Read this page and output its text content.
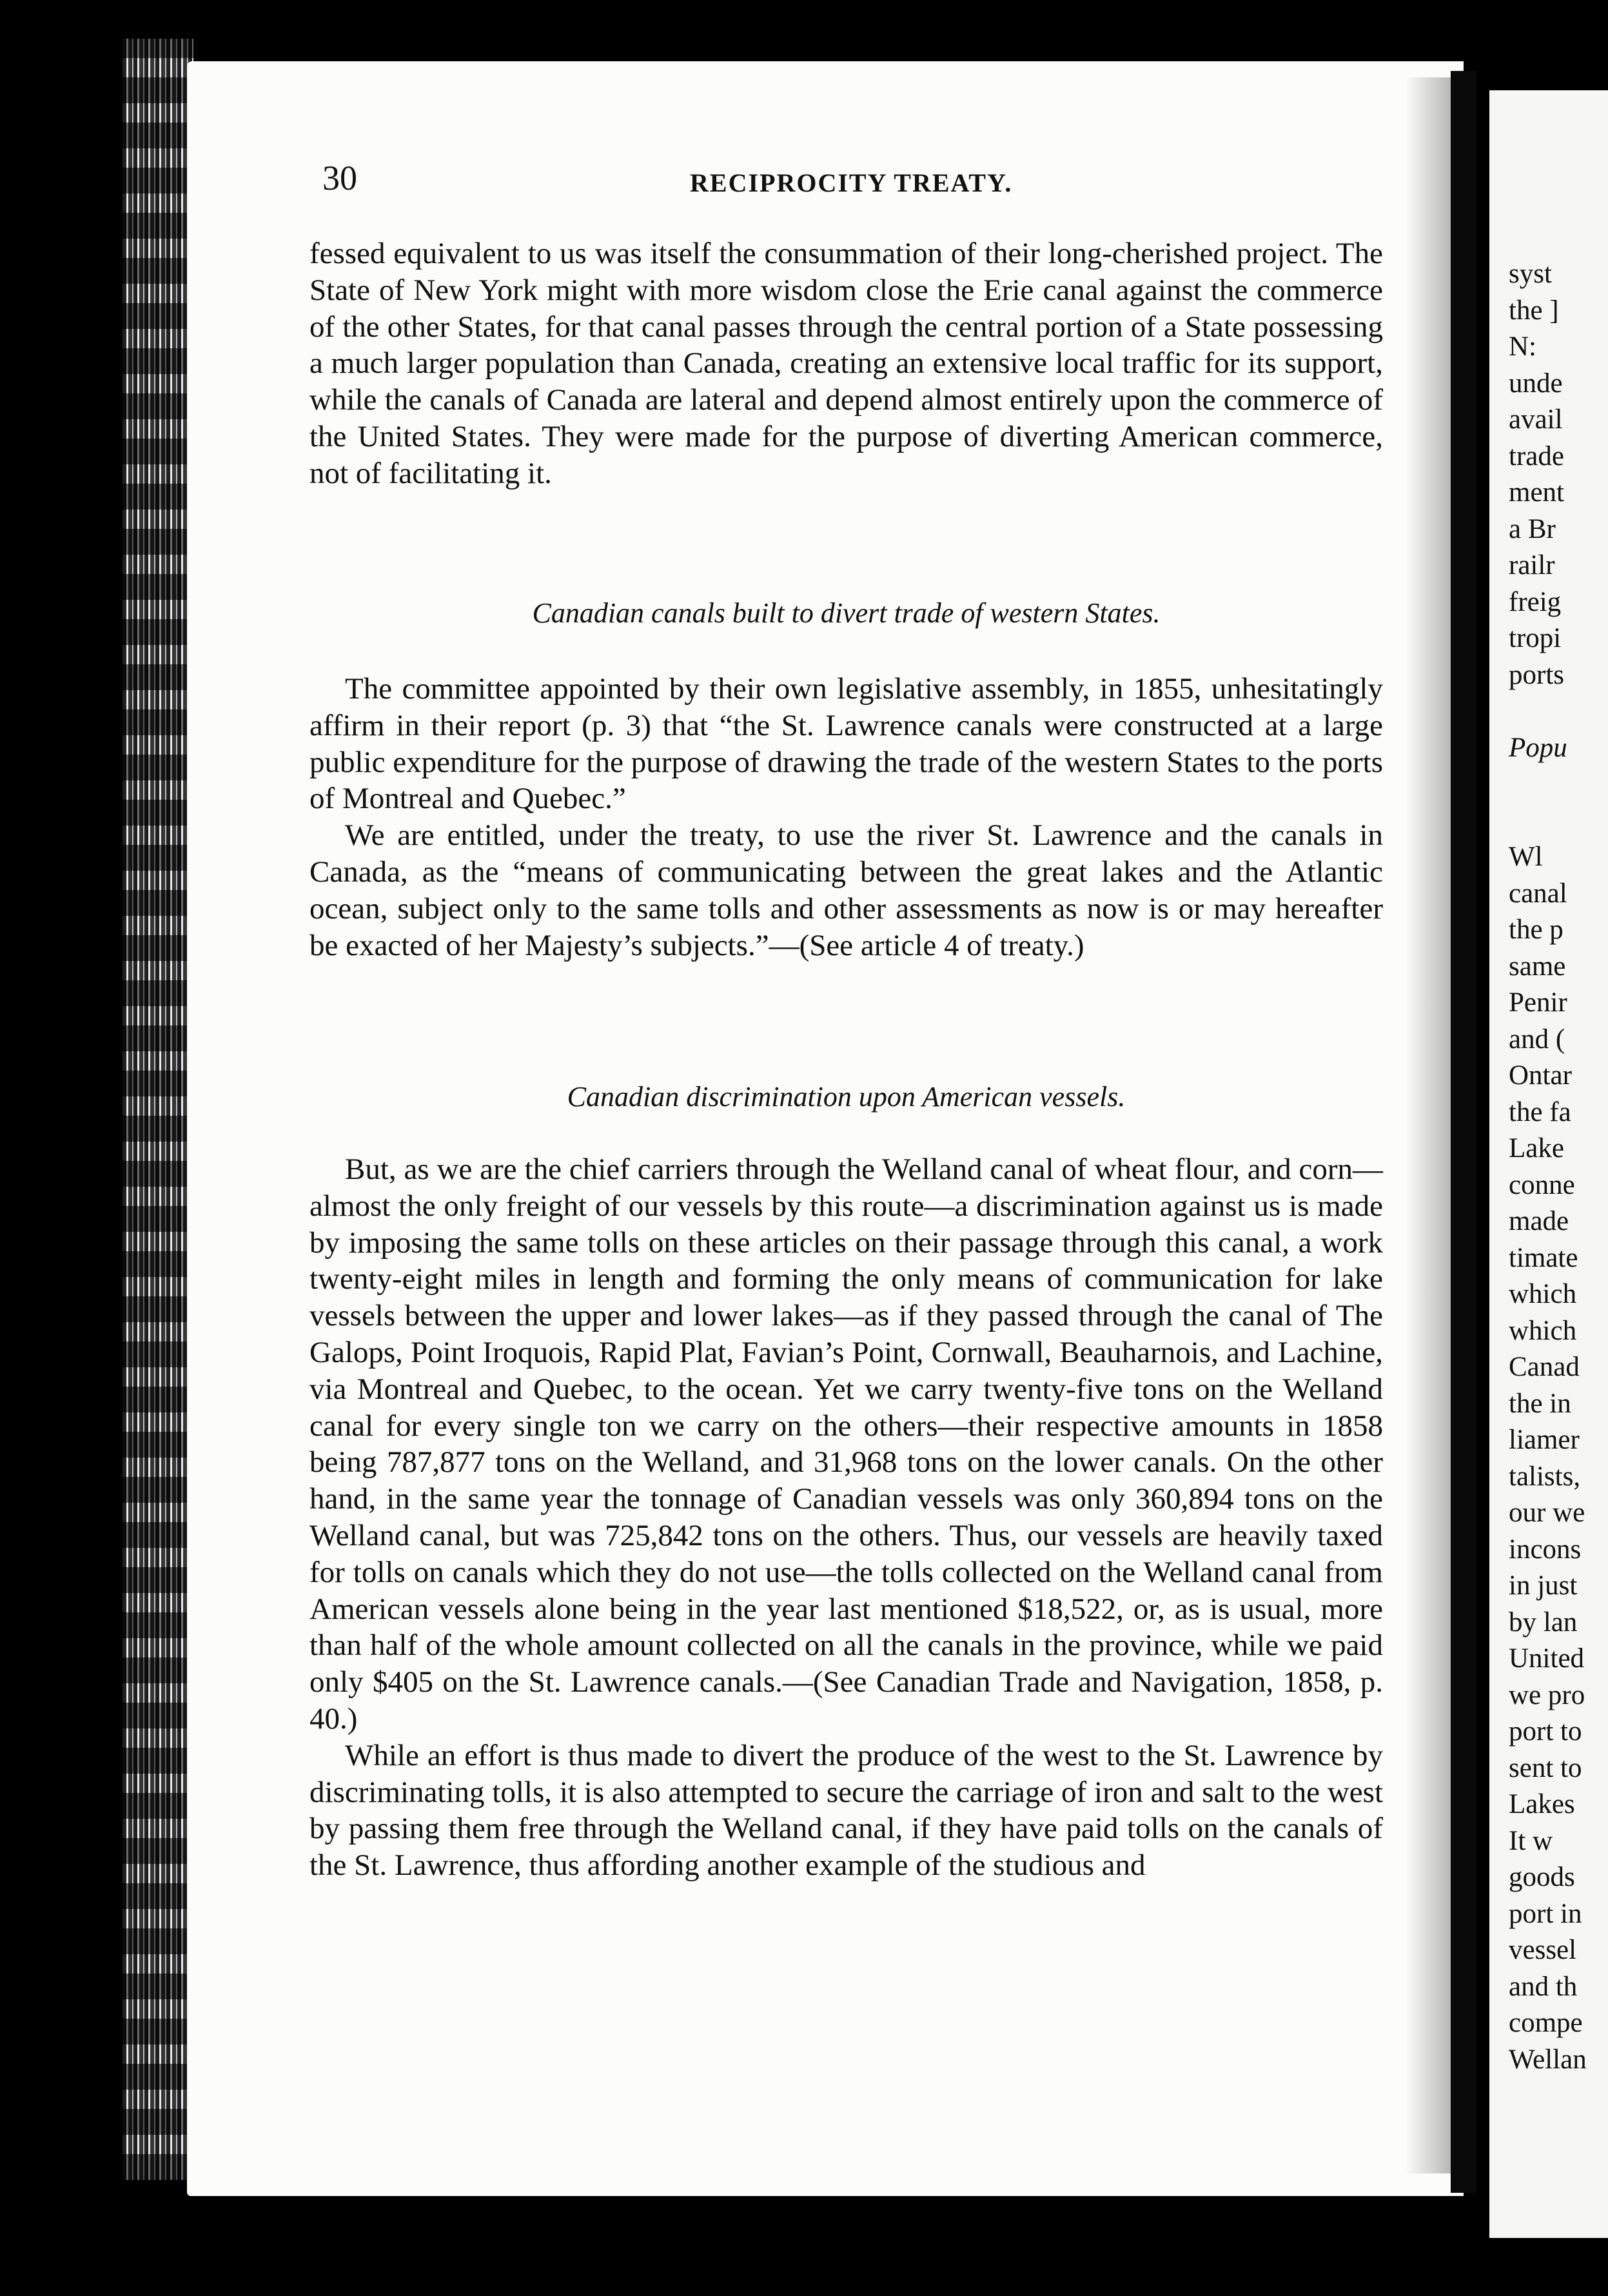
30	RECIPROCITY TREATY.

fessed equivalent to us was itself the consummation of their long-cherished project. The State of New York might with more wisdom close the Erie canal against the commerce of the other States, for that canal passes through the central portion of a State possessing a much larger population than Canada, creating an extensive local traffic for its support, while the canals of Canada are lateral and depend almost entirely upon the commerce of the United States. They were made for the purpose of diverting American commerce, not of facilitating it.

Canadian canals built to divert trade of western States.

The committee appointed by their own legislative assembly, in 1855, unhesitatingly affirm in their report (p. 3) that “the St. Lawrence canals were constructed at a large public expenditure for the purpose of drawing the trade of the western States to the ports of Montreal and Quebec.”

We are entitled, under the treaty, to use the river St. Lawrence and the canals in Canada, as the “means of communicating between the great lakes and the Atlantic ocean, subject only to the same tolls and other assessments as now is or may hereafter be exacted of her Majesty’s subjects.”—(See article 4 of treaty.)

Canadian discrimination upon American vessels.

But, as we are the chief carriers through the Welland canal of wheat flour, and corn—almost the only freight of our vessels by this route—a discrimination against us is made by imposing the same tolls on these articles on their passage through this canal, a work twenty-eight miles in length and forming the only means of communication for lake vessels between the upper and lower lakes—as if they passed through the canal of The Galops, Point Iroquois, Rapid Plat, Favian’s Point, Cornwall, Beauharnois, and Lachine, via Montreal and Quebec, to the ocean. Yet we carry twenty-five tons on the Welland canal for every single ton we carry on the others—their respective amounts in 1858 being 787,877 tons on the Welland, and 31,968 tons on the lower canals. On the other hand, in the same year the tonnage of Canadian vessels was only 360,894 tons on the Welland canal, but was 725,842 tons on the others. Thus, our vessels are heavily taxed for tolls on canals which they do not use—the tolls collected on the Welland canal from American vessels alone being in the year last mentioned $18,522, or, as is usual, more than half of the whole amount collected on all the canals in the province, while we paid only $405 on the St. Lawrence canals.—(See Canadian Trade and Navigation, 1858, p. 40.)

While an effort is thus made to divert the produce of the west to the St. Lawrence by discriminating tolls, it is also attempted to secure the carriage of iron and salt to the west by passing them free through the Welland canal, if they have paid tolls on the canals of the St. Lawrence, thus affording another example of the studious and

syst
the ]
N:
unde
avail
trade
ment
a Br
railr
freig
tropi
ports
Popu
Wl
canal
the p
same
Penir
and (
Ontar
the fa
Lake
conne
made
timate
which
which
Canad
the in
liamer
talists,
our we
incons
in just
by lan
United
we pro
port to
sent to
Lakes
It w
goods
port in
vessel
and th
compe
Wellan
